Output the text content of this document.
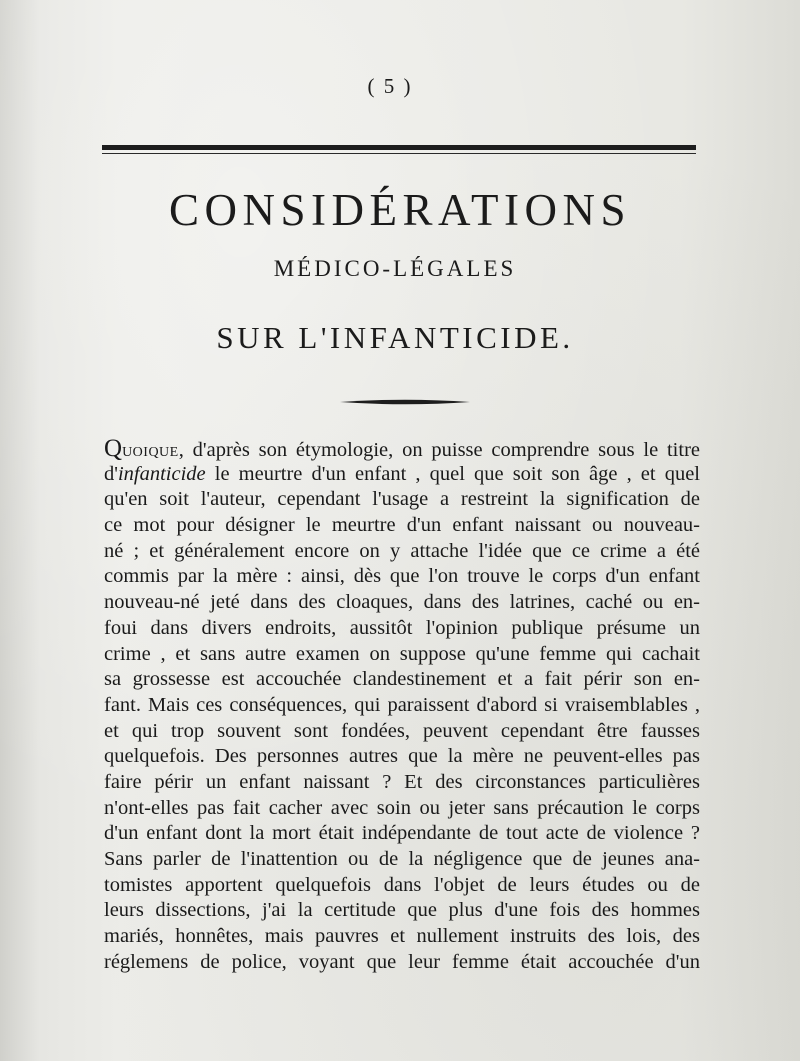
( 5 )
CONSIDÉRATIONS
MÉDICO-LÉGALES
SUR L'INFANTICIDE.
Quoique, d'après son étymologie, on puisse comprendre sous le titre
d'infanticide le meurtre d'un enfant , quel que soit son âge , et quel
qu'en soit l'auteur, cependant l'usage a restreint la signification de
ce mot pour désigner le meurtre d'un enfant naissant ou nouveau-
né ; et généralement encore on y attache l'idée que ce crime a été
commis par la mère : ainsi, dès que l'on trouve le corps d'un enfant
nouveau-né jeté dans des cloaques, dans des latrines, caché ou en-
foui dans divers endroits, aussitôt l'opinion publique présume un
crime , et sans autre examen on suppose qu'une femme qui cachait
sa grossesse est accouchée clandestinement et a fait périr son en-
fant. Mais ces conséquences, qui paraissent d'abord si vraisemblables ,
et qui trop souvent sont fondées, peuvent cependant être fausses
quelquefois. Des personnes autres que la mère ne peuvent-elles pas
faire périr un enfant naissant ? Et des circonstances particulières
n'ont-elles pas fait cacher avec soin ou jeter sans précaution le corps
d'un enfant dont la mort était indépendante de tout acte de violence ?
Sans parler de l'inattention ou de la négligence que de jeunes ana-
tomistes apportent quelquefois dans l'objet de leurs études ou de
leurs dissections, j'ai la certitude que plus d'une fois des hommes
mariés, honnêtes, mais pauvres et nullement instruits des lois, des
réglemens de police, voyant que leur femme était accouchée d'un
